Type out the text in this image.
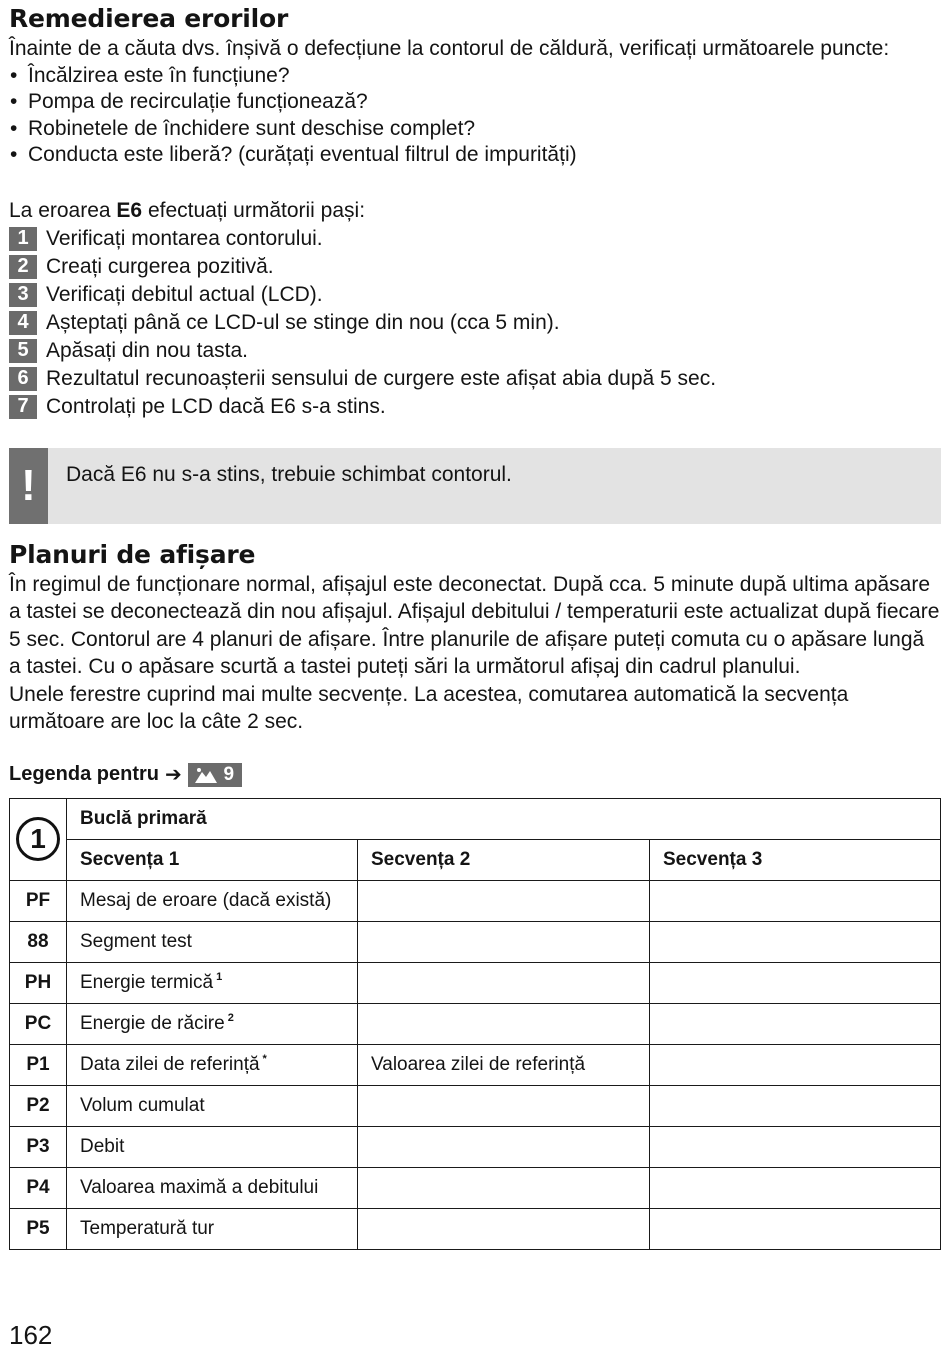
Remedierea erorilor

Înainte de a căuta dvs. înșivă o defecțiune la contorul de căldură, verificați următoarele puncte:

• Încălzirea este în funcțiune?
• Pompa de recirculație funcționează?
• Robinetele de închidere sunt deschise complet?
• Conducta este liberă? (curățați eventual filtrul de impurități)

La eroarea E6 efectuați următorii pași:

1 Verificați montarea contorului.
2 Creați curgerea pozitivă.
3 Verificați debitul actual (LCD).
4 Așteptați până ce LCD-ul se stinge din nou (cca 5 min).
5 Apăsați din nou tasta.
6 Rezultatul recunoașterii sensului de curgere este afișat abia după 5 sec.
7 Controlați pe LCD dacă E6 s-a stins.
!	Dacă E6 nu s-a stins, trebuie schimbat contorul.
Planuri de afișare

În regimul de funcționare normal, afișajul este deconectat. După cca. 5 minute după ultima apăsare a tastei se deconectează din nou afișajul. Afișajul debitului / temperaturii este actualizat după fiecare 5 sec. Contorul are 4 planuri de afișare. Între planurile de afișare puteți comuta cu o apăsare lungă a tastei. Cu o apăsare scurtă a tastei puteți sări la următorul afișaj din cadrul planului.

Unele ferestre cuprind mai multe secvențe. La acestea, comutarea automatică la secvența următoare are loc la câte 2 sec.

Legenda pentru ➔ 9
1	Buclă primară		
	Secvența 1	Secvența 2	Secvența 3
PF	Mesaj de eroare (dacă există)		
88	Segment test		
PH	Energie termică $^1$		
PC	Energie de răcire $^2$		
P1	Data zilei de referință *	Valoarea zilei de referință	
P2	Volum cumulat		
P3	Debit		
P4	Valoarea maximă a debitului		
P5	Temperatură tur		
162
